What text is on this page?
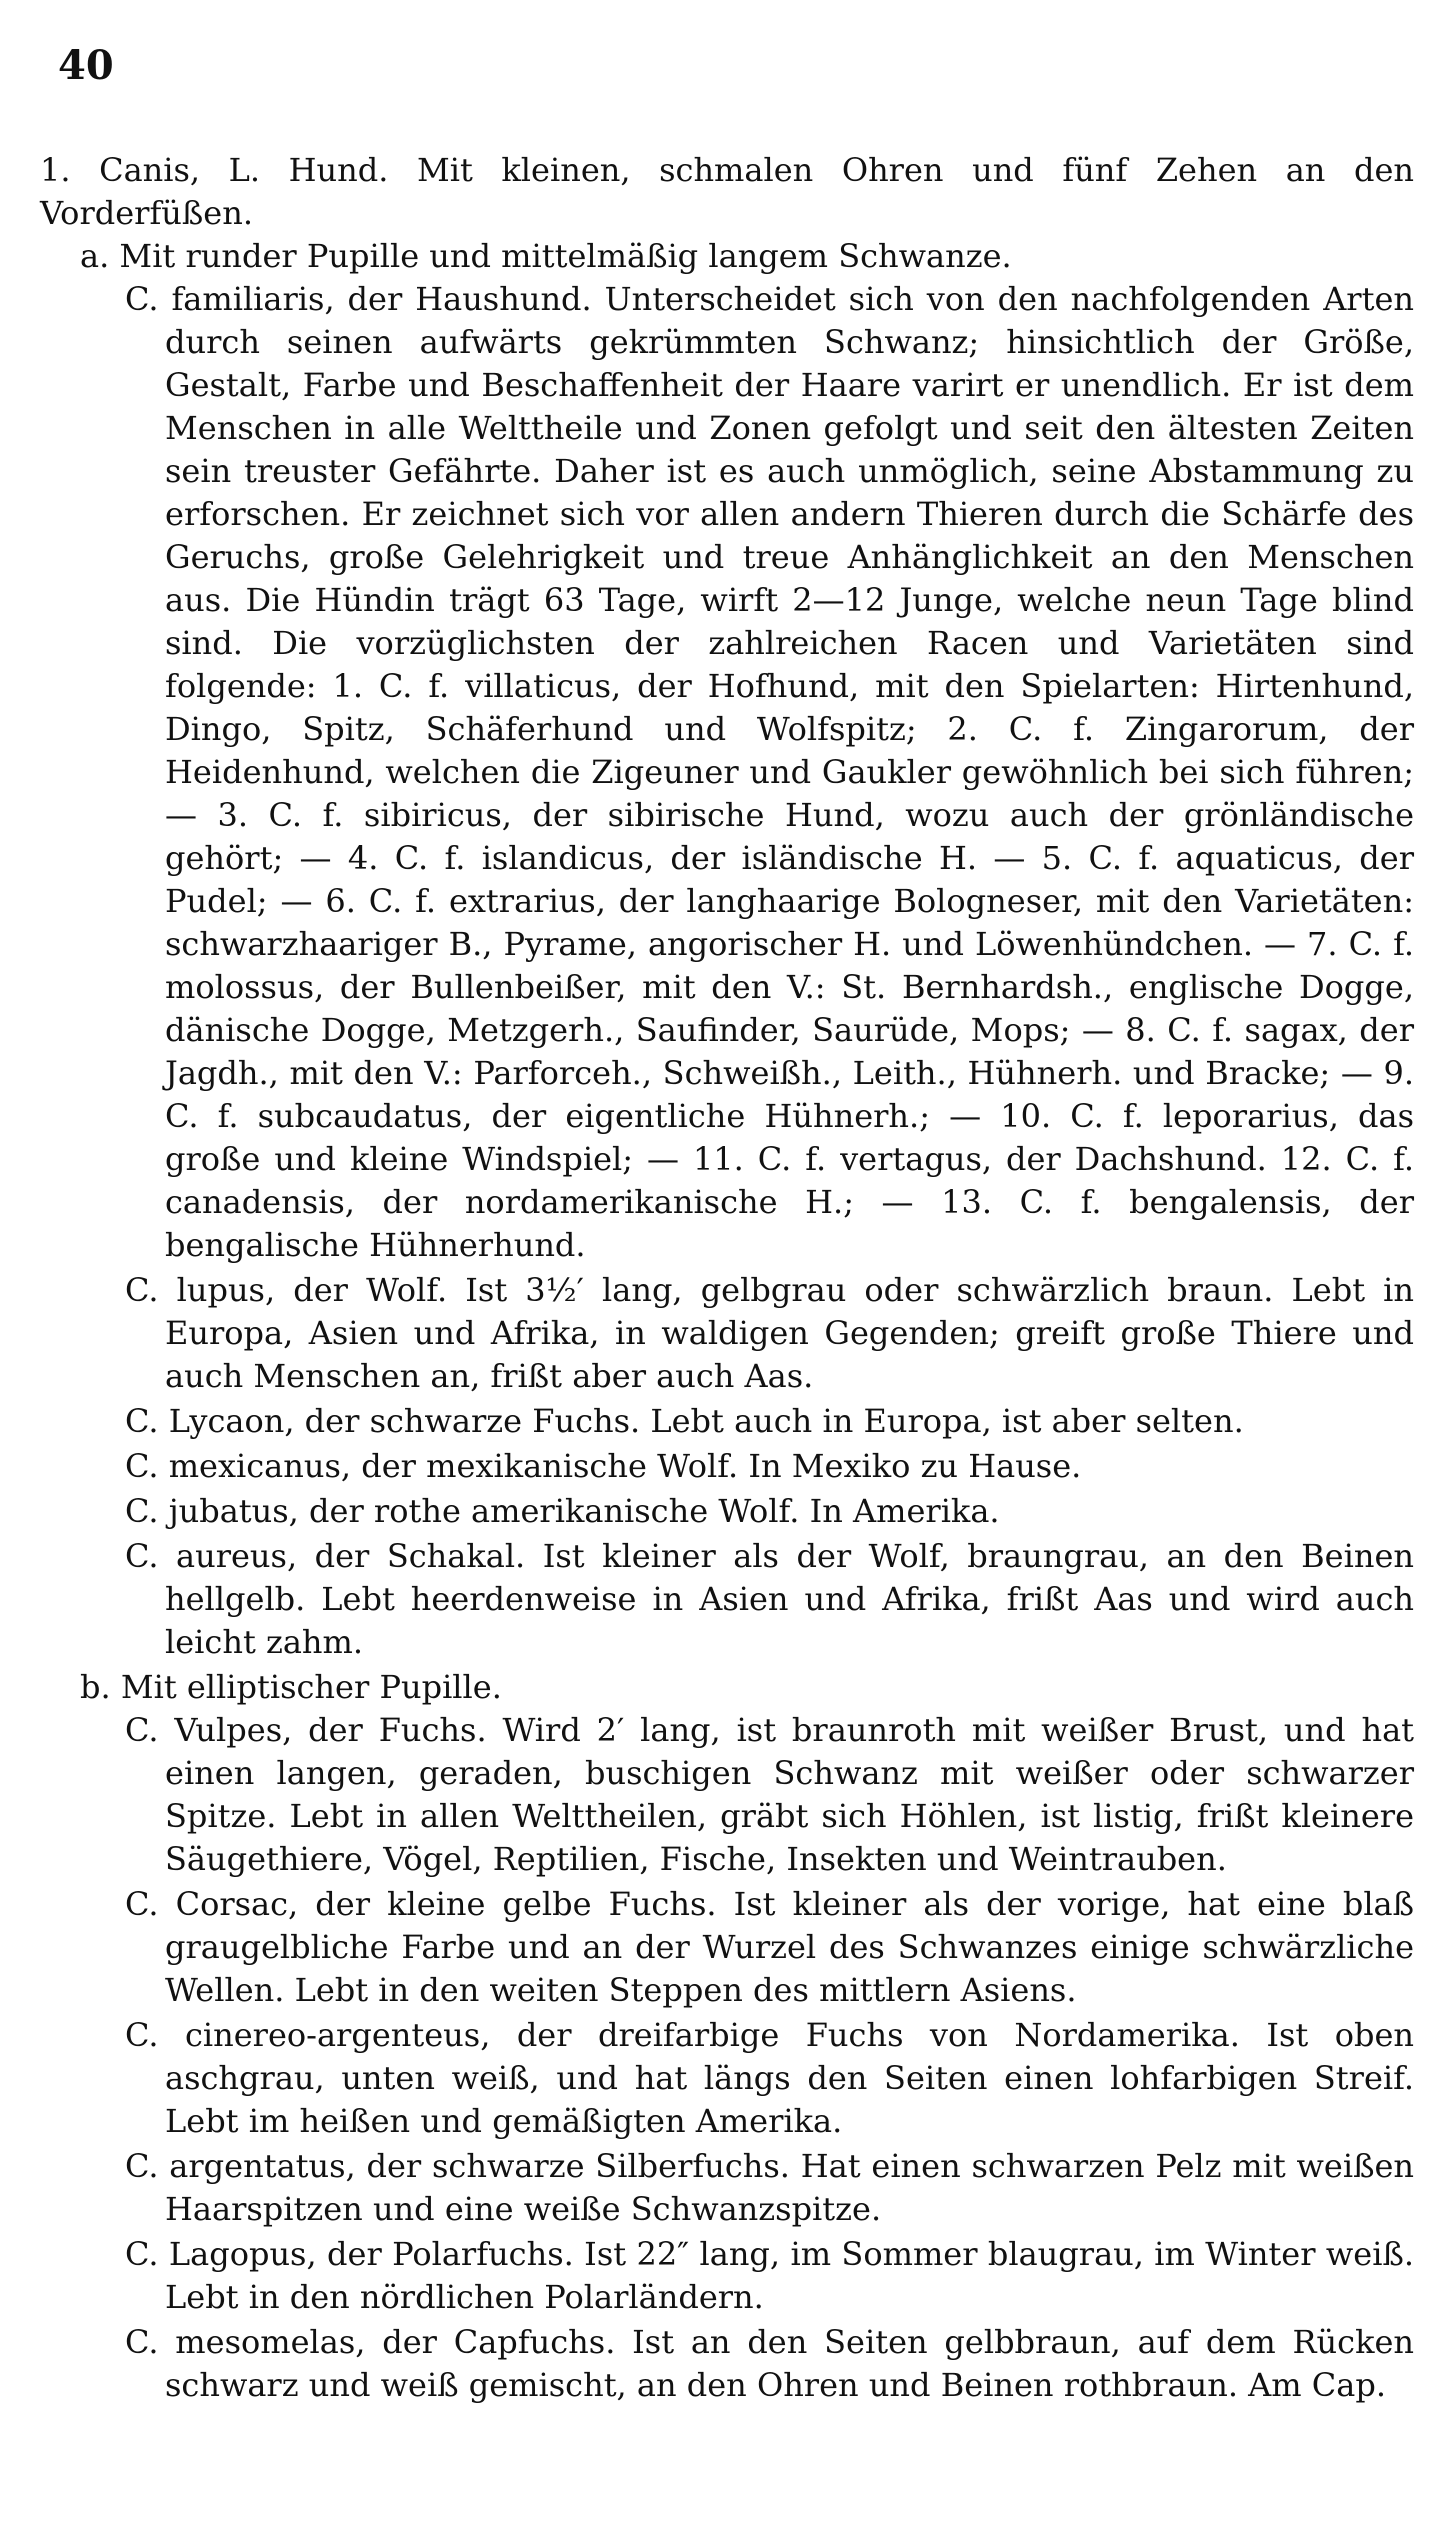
40

1. Canis, L. Hund. Mit kleinen, schmalen Ohren und fünf Zehen an den Vorderfüßen.

a. Mit runder Pupille und mittelmäßig langem Schwanze.

C. familiaris, der Haushund. Unterscheidet sich von den nachfolgenden Arten durch seinen aufwärts gekrümmten Schwanz; hinsichtlich der Größe, Gestalt, Farbe und Beschaffenheit der Haare varirt er unendlich. Er ist dem Menschen in alle Welttheile und Zonen gefolgt und seit den ältesten Zeiten sein treuster Gefährte. Daher ist es auch unmöglich, seine Abstammung zu erforschen. Er zeichnet sich vor allen andern Thieren durch die Schärfe des Geruchs, große Gelehrigkeit und treue Anhänglichkeit an den Menschen aus. Die Hündin trägt 63 Tage, wirft 2—12 Junge, welche neun Tage blind sind. Die vorzüglichsten der zahlreichen Racen und Varietäten sind folgende: 1. C. f. villaticus, der Hofhund, mit den Spielarten: Hirtenhund, Dingo, Spitz, Schäferhund und Wolfspitz; 2. C. f. Zingarorum, der Heidenhund, welchen die Zigeuner und Gaukler gewöhnlich bei sich führen; — 3. C. f. sibiricus, der sibirische Hund, wozu auch der grönländische gehört; — 4. C. f. islandicus, der isländische H. — 5. C. f. aquaticus, der Pudel; — 6. C. f. extrarius, der langhaarige Bologneser, mit den Varietäten: schwarzhaariger B., Pyrame, angorischer H. und Löwenhündchen. — 7. C. f. molossus, der Bullenbeißer, mit den V.: St. Bernhardsh., englische Dogge, dänische Dogge, Metzgerh., Saufinder, Saurüde, Mops; — 8. C. f. sagax, der Jagdh., mit den V.: Parforceh., Schweißh., Leith., Hühnerh. und Bracke; — 9. C. f. subcaudatus, der eigentliche Hühnerh.; — 10. C. f. leporarius, das große und kleine Windspiel; — 11. C. f. vertagus, der Dachshund. 12. C. f. canadensis, der nordamerikanische H.; — 13. C. f. bengalensis, der bengalische Hühnerhund.

C. lupus, der Wolf. Ist 3½′ lang, gelbgrau oder schwärzlich braun. Lebt in Europa, Asien und Afrika, in waldigen Gegenden; greift große Thiere und auch Menschen an, frißt aber auch Aas.

C. Lycaon, der schwarze Fuchs. Lebt auch in Europa, ist aber selten.

C. mexicanus, der mexikanische Wolf. In Mexiko zu Hause.

C. jubatus, der rothe amerikanische Wolf. In Amerika.

C. aureus, der Schakal. Ist kleiner als der Wolf, braungrau, an den Beinen hellgelb. Lebt heerdenweise in Asien und Afrika, frißt Aas und wird auch leicht zahm.

b. Mit elliptischer Pupille.

C. Vulpes, der Fuchs. Wird 2′ lang, ist braunroth mit weißer Brust, und hat einen langen, geraden, buschigen Schwanz mit weißer oder schwarzer Spitze. Lebt in allen Welttheilen, gräbt sich Höhlen, ist listig, frißt kleinere Säugethiere, Vögel, Reptilien, Fische, Insekten und Weintrauben.

C. Corsac, der kleine gelbe Fuchs. Ist kleiner als der vorige, hat eine blaß graugelbliche Farbe und an der Wurzel des Schwanzes einige schwärzliche Wellen. Lebt in den weiten Steppen des mittlern Asiens.

C. cinereo-argenteus, der dreifarbige Fuchs von Nordamerika. Ist oben aschgrau, unten weiß, und hat längs den Seiten einen lohfarbigen Streif. Lebt im heißen und gemäßigten Amerika.

C. argentatus, der schwarze Silberfuchs. Hat einen schwarzen Pelz mit weißen Haarspitzen und eine weiße Schwanzspitze.

C. Lagopus, der Polarfuchs. Ist 22″ lang, im Sommer blaugrau, im Winter weiß. Lebt in den nördlichen Polarländern.

C. mesomelas, der Capfuchs. Ist an den Seiten gelbbraun, auf dem Rücken schwarz und weiß gemischt, an den Ohren und Beinen rothbraun. Am Cap.
